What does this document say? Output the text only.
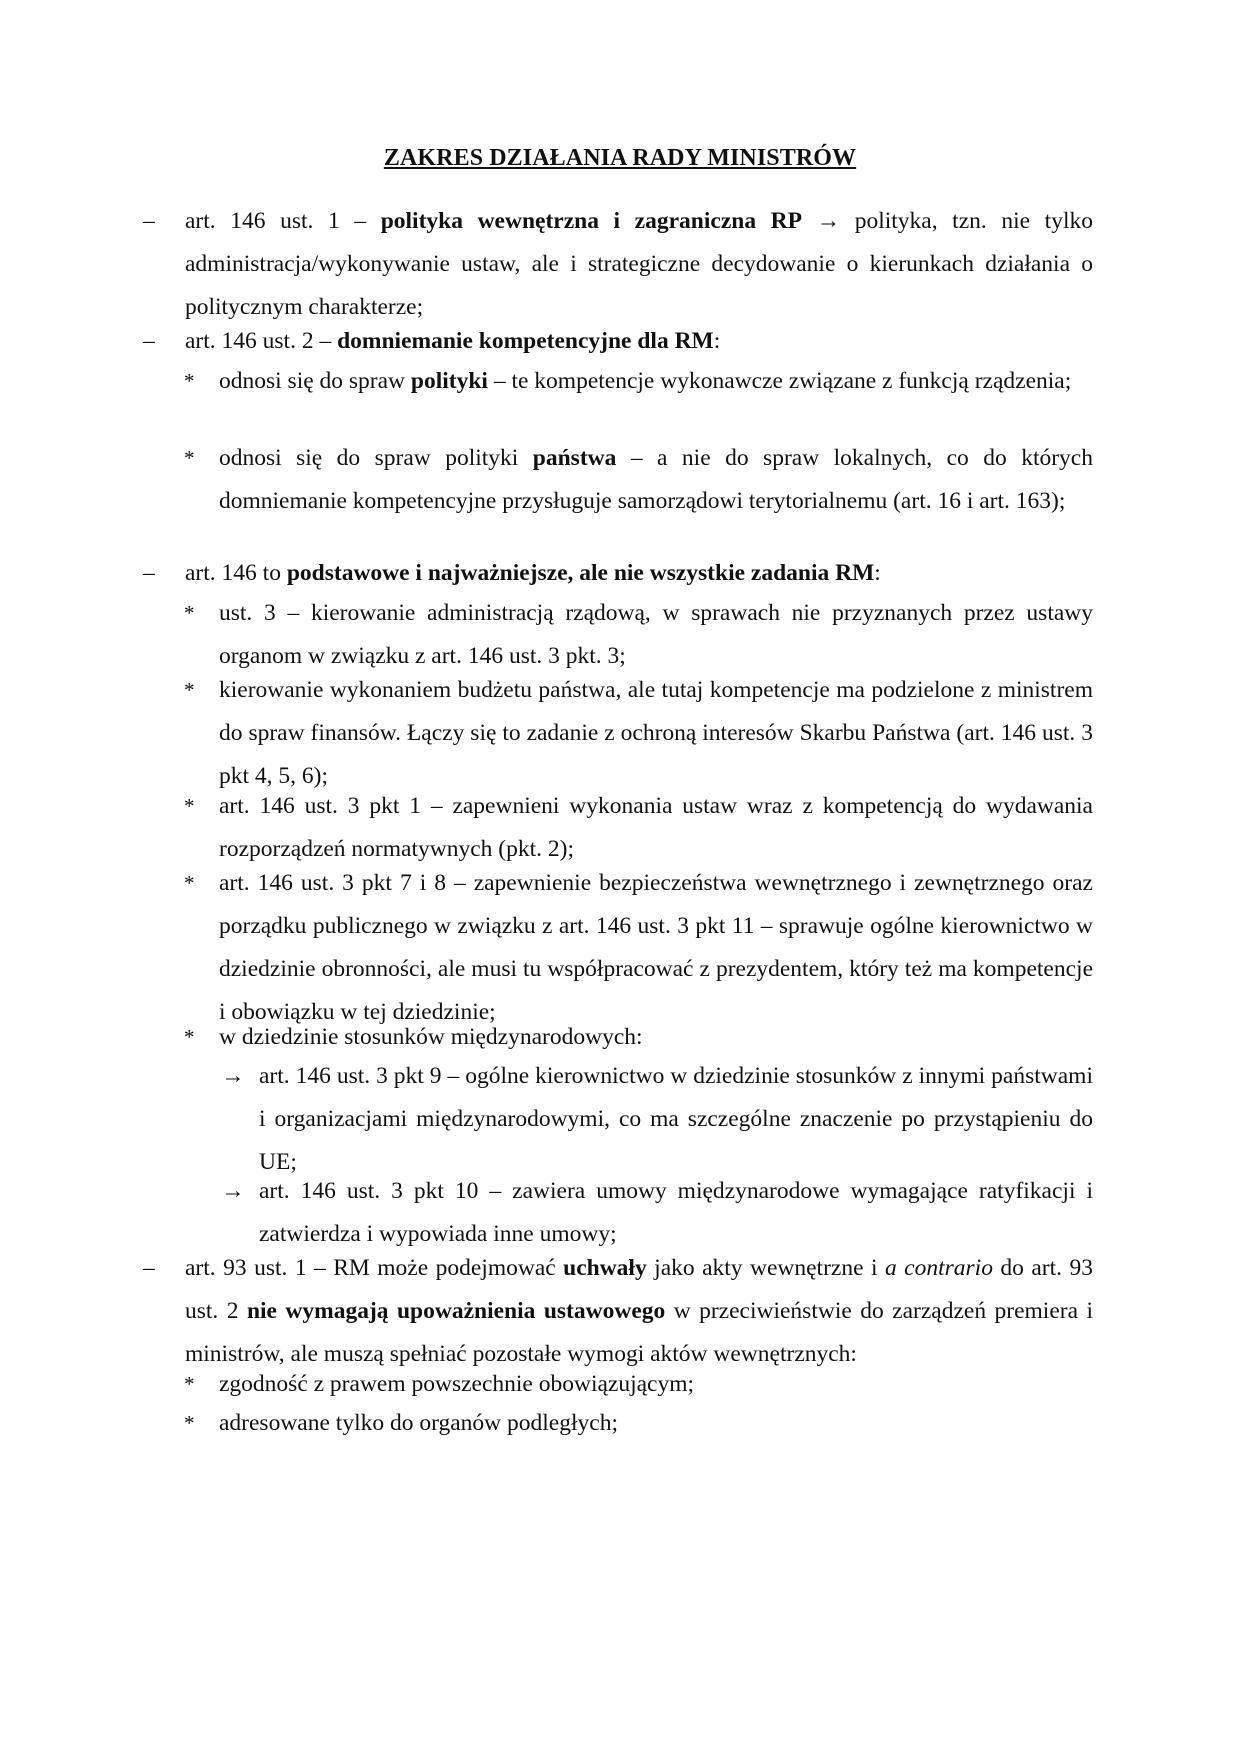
ZAKRES DZIAŁANIA RADY MINISTRÓW
– art. 146 ust. 1 – polityka wewnętrzna i zagraniczna RP → polityka, tzn. nie tylko administracja/wykonywanie ustaw, ale i strategiczne decydowanie o kierunkach działania o politycznym charakterze;
– art. 146 ust. 2 – domniemanie kompetencyjne dla RM:
* odnosi się do spraw polityki – te kompetencje wykonawcze związane z funkcją rządzenia;
* odnosi się do spraw polityki państwa – a nie do spraw lokalnych, co do których domniemanie kompetencyjne przysługuje samorządowi terytorialnemu (art. 16 i art. 163);
– art. 146 to podstawowe i najważniejsze, ale nie wszystkie zadania RM:
* ust. 3 – kierowanie administracją rządową, w sprawach nie przyznanych przez ustawy organom w związku z art. 146 ust. 3 pkt. 3;
* kierowanie wykonaniem budżetu państwa, ale tutaj kompetencje ma podzielone z ministrem do spraw finansów. Łączy się to zadanie z ochroną interesów Skarbu Państwa (art. 146 ust. 3 pkt 4, 5, 6);
* art. 146 ust. 3 pkt 1 – zapewnieni wykonania ustaw wraz z kompetencją do wydawania rozporządzeń normatywnych (pkt. 2);
* art. 146 ust. 3 pkt 7 i 8 – zapewnienie bezpieczeństwa wewnętrznego i zewnętrznego oraz porządku publicznego w związku z art. 146 ust. 3 pkt 11 – sprawuje ogólne kierownictwo w dziedzinie obronności, ale musi tu współpracować z prezydentem, który też ma kompetencje i obowiązku w tej dziedzinie;
* w dziedzinie stosunków międzynarodowych:
→ art. 146 ust. 3 pkt 9 – ogólne kierownictwo w dziedzinie stosunków z innymi państwami i organizacjami międzynarodowymi, co ma szczególne znaczenie po przystąpieniu do UE;
→ art. 146 ust. 3 pkt 10 – zawiera umowy międzynarodowe wymagające ratyfikacji i zatwierdza i wypowiada inne umowy;
– art. 93 ust. 1 – RM może podejmować uchwały jako akty wewnętrzne i a contrario do art. 93 ust. 2 nie wymagają upoważnienia ustawowego w przeciwieństwie do zarządzeń premiera i ministrów, ale muszą spełniać pozostałe wymogi aktów wewnętrznych:
* zgodność z prawem powszechnie obowiązującym;
* adresowane tylko do organów podległych;
